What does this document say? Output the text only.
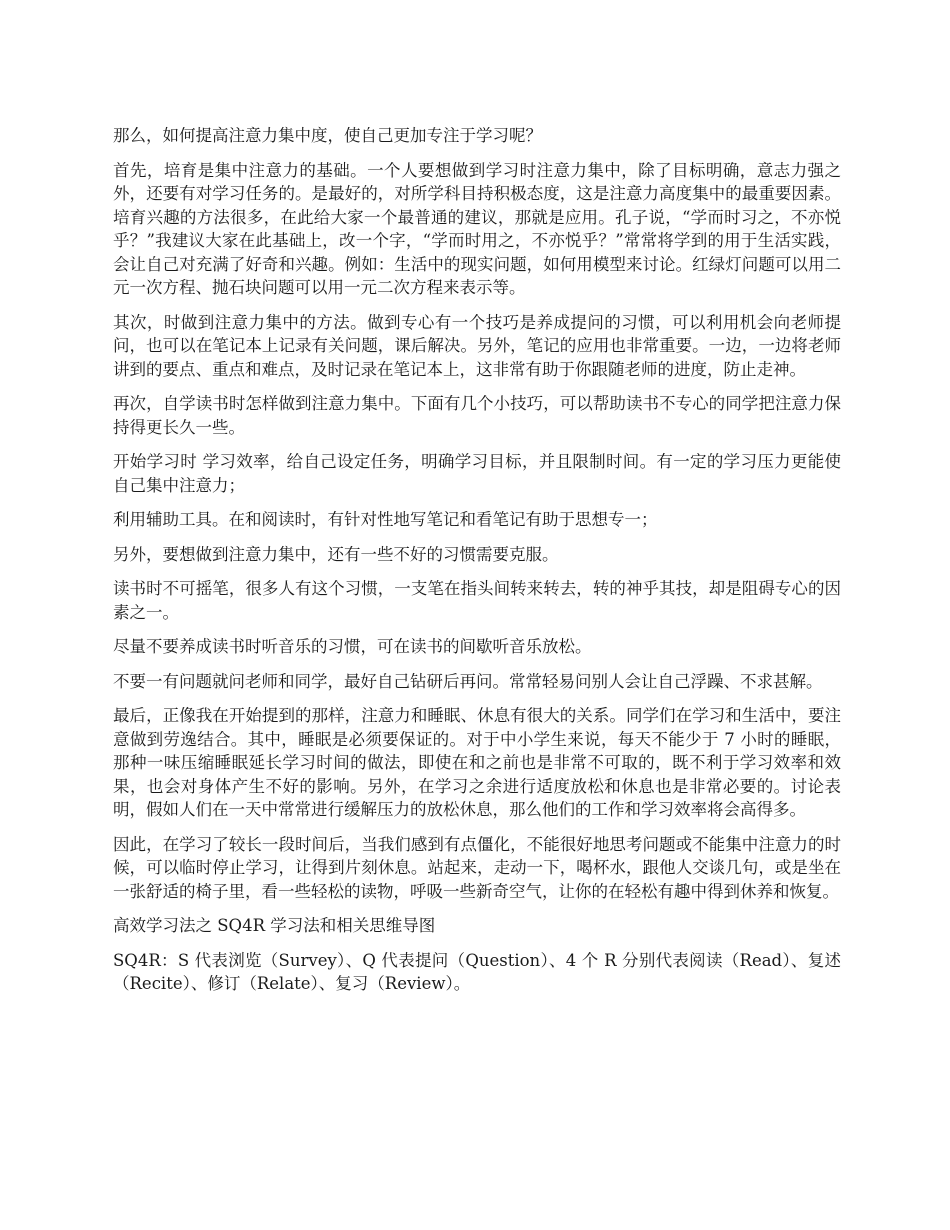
那么，如何提高注意力集中度，使自己更加专注于学习呢？

首先，培育是集中注意力的基础。一个人要想做到学习时注意力集中，除了目标明确，意志力强之外，还要有对学习任务的。是最好的，对所学科目持积极态度，这是注意力高度集中的最重要因素。培育兴趣的方法很多，在此给大家一个最普通的建议，那就是应用。孔子说，“学而时习之，不亦悦乎？”我建议大家在此基础上，改一个字，“学而时用之，不亦悦乎？”常常将学到的用于生活实践，会让自己对充满了好奇和兴趣。例如：生活中的现实问题，如何用模型来讨论。红绿灯问题可以用二元一次方程、抛石块问题可以用一元二次方程来表示等。

其次，时做到注意力集中的方法。做到专心有一个技巧是养成提问的习惯，可以利用机会向老师提问，也可以在笔记本上记录有关问题，课后解决。另外，笔记的应用也非常重要。一边，一边将老师讲到的要点、重点和难点，及时记录在笔记本上，这非常有助于你跟随老师的进度，防止走神。

再次，自学读书时怎样做到注意力集中。下面有几个小技巧，可以帮助读书不专心的同学把注意力保持得更长久一些。

开始学习时 学习效率，给自己设定任务，明确学习目标，并且限制时间。有一定的学习压力更能使自己集中注意力；

利用辅助工具。在和阅读时，有针对性地写笔记和看笔记有助于思想专一；

另外，要想做到注意力集中，还有一些不好的习惯需要克服。

读书时不可摇笔，很多人有这个习惯，一支笔在指头间转来转去，转的神乎其技，却是阻碍专心的因素之一。

尽量不要养成读书时听音乐的习惯，可在读书的间歇听音乐放松。

不要一有问题就问老师和同学，最好自己钻研后再问。常常轻易问别人会让自己浮躁、不求甚解。

最后，正像我在开始提到的那样，注意力和睡眠、休息有很大的关系。同学们在学习和生活中，要注意做到劳逸结合。其中，睡眠是必须要保证的。对于中小学生来说，每天不能少于 7 小时的睡眠，那种一味压缩睡眠延长学习时间的做法，即使在和之前也是非常不可取的，既不利于学习效率和效果，也会对身体产生不好的影响。另外，在学习之余进行适度放松和休息也是非常必要的。讨论表明，假如人们在一天中常常进行缓解压力的放松休息，那么他们的工作和学习效率将会高得多。

因此，在学习了较长一段时间后，当我们感到有点僵化，不能很好地思考问题或不能集中注意力的时候，可以临时停止学习，让得到片刻休息。站起来，走动一下，喝杯水，跟他人交谈几句，或是坐在一张舒适的椅子里，看一些轻松的读物，呼吸一些新奇空气，让你的在轻松有趣中得到休养和恢复。

高效学习法之 SQ4R 学习法和相关思维导图

SQ4R：S 代表浏览（Survey）、Q 代表提问（Question）、4 个 R 分别代表阅读（Read）、复述（Recite）、修订（Relate）、复习（Review）。
